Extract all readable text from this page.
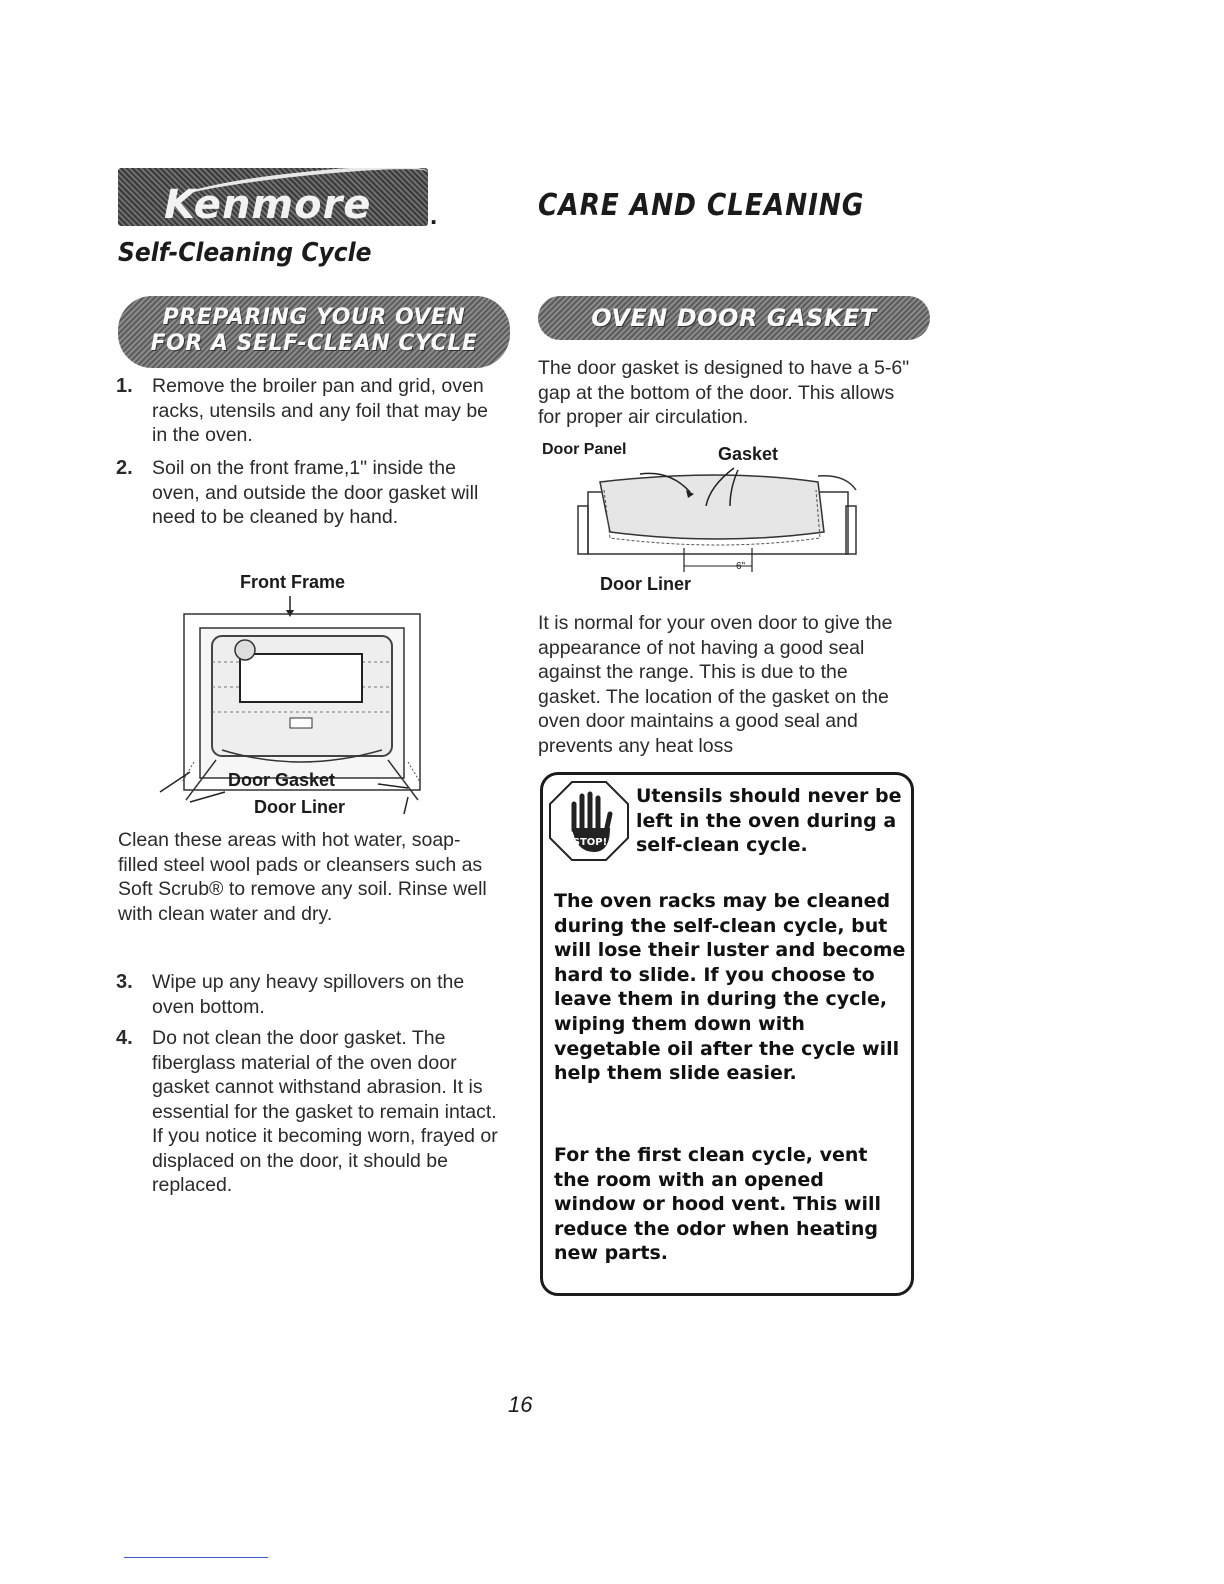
Kenmore .	CARE AND CLEANING
Self-Cleaning Cycle
PREPARING YOUR OVEN
FOR A SELF-CLEAN CYCLE
1. Remove the broiler pan and grid, oven racks, utensils and any foil that may be in the oven.
2. Soil on the front frame,1" inside the oven, and outside the door gasket will need to be cleaned by hand.
Front Frame
Door Gasket
Door Liner
Clean these areas with hot water, soap-filled steel wool pads or cleansers such as Soft Scrub® to remove any soil. Rinse well with clean water and dry.
3. Wipe up any heavy spillovers on the oven bottom.
4. Do not clean the door gasket. The fiberglass material of the oven door gasket cannot withstand abrasion. It is essential for the gasket to remain intact. If you notice it becoming worn, frayed or displaced on the door, it should be replaced.
OVEN DOOR GASKET
The door gasket is designed to have a 5-6" gap at the bottom of the door. This allows for proper air circulation.
Door Panel	Gasket
6"
Door Liner
It is normal for your oven door to give the appearance of not having a good seal against the range. This is due to the gasket. The location of the gasket on the oven door maintains a good seal and prevents any heat loss
STOP!
Utensils should never be left in the oven during a self-clean cycle.
The oven racks may be cleaned during the self-clean cycle, but will lose their luster and become hard to slide. If you choose to leave them in during the cycle, wiping them down with vegetable oil after the cycle will help them slide easier.
For the first clean cycle, vent the room with an opened window or hood vent. This will reduce the odor when heating new parts.
16
